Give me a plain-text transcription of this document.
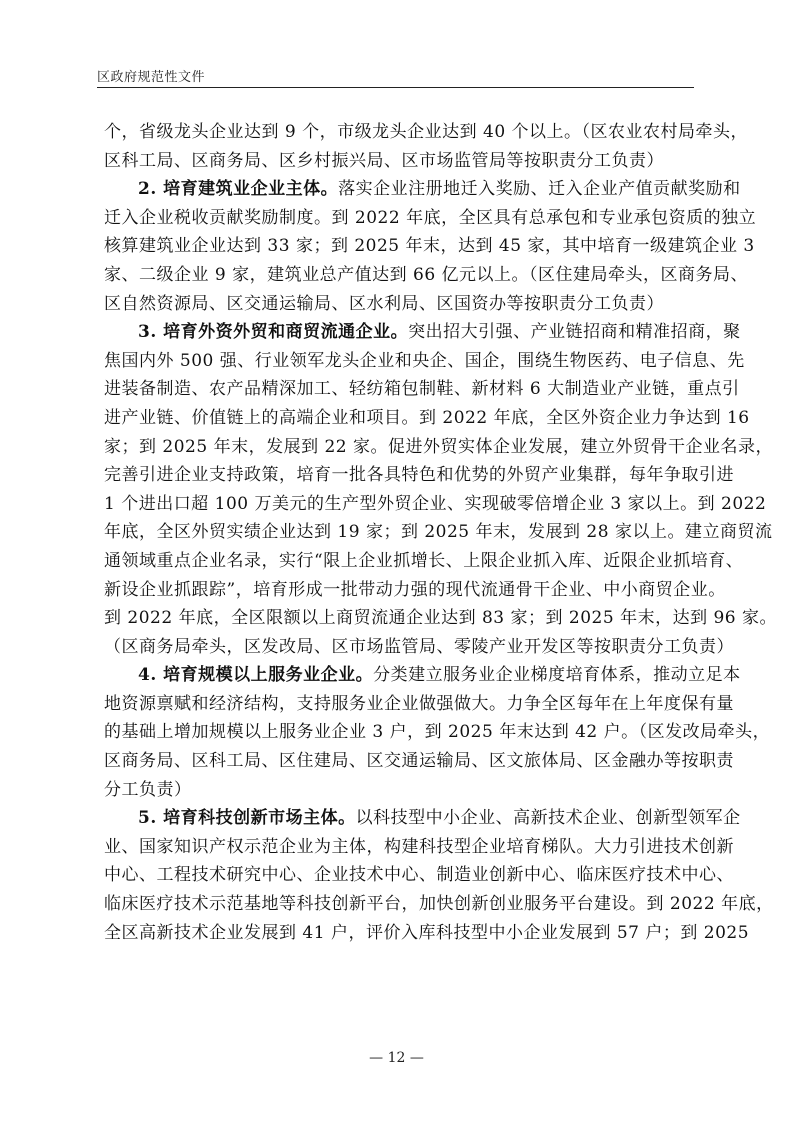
区政府规范性文件
个，省级龙头企业达到 9 个，市级龙头企业达到 40 个以上。（区农业农村局牵头，
区科工局、区商务局、区乡村振兴局、区市场监管局等按职责分工负责）
2. 培育建筑业企业主体。落实企业注册地迁入奖励、迁入企业产值贡献奖励和
迁入企业税收贡献奖励制度。到 2022 年底，全区具有总承包和专业承包资质的独立
核算建筑业企业达到 33 家；到 2025 年末，达到 45 家，其中培育一级建筑企业 3
家、二级企业 9 家，建筑业总产值达到 66 亿元以上。（区住建局牵头，区商务局、
区自然资源局、区交通运输局、区水利局、区国资办等按职责分工负责）
3. 培育外资外贸和商贸流通企业。突出招大引强、产业链招商和精准招商，聚
焦国内外 500 强、行业领军龙头企业和央企、国企，围绕生物医药、电子信息、先
进装备制造、农产品精深加工、轻纺箱包制鞋、新材料 6 大制造业产业链，重点引
进产业链、价值链上的高端企业和项目。到 2022 年底，全区外资企业力争达到 16
家；到 2025 年末，发展到 22 家。促进外贸实体企业发展，建立外贸骨干企业名录，
完善引进企业支持政策，培育一批各具特色和优势的外贸产业集群，每年争取引进
1 个进出口超 100 万美元的生产型外贸企业、实现破零倍增企业 3 家以上。到 2022
年底，全区外贸实绩企业达到 19 家；到 2025 年末，发展到 28 家以上。建立商贸流
通领域重点企业名录，实行“限上企业抓增长、上限企业抓入库、近限企业抓培育、
新设企业抓跟踪”，培育形成一批带动力强的现代流通骨干企业、中小商贸企业。
到 2022 年底，全区限额以上商贸流通企业达到 83 家；到 2025 年末，达到 96 家。
（区商务局牵头，区发改局、区市场监管局、零陵产业开发区等按职责分工负责）
4. 培育规模以上服务业企业。分类建立服务业企业梯度培育体系，推动立足本
地资源禀赋和经济结构，支持服务业企业做强做大。力争全区每年在上年度保有量
的基础上增加规模以上服务业企业 3 户，到 2025 年末达到 42 户。（区发改局牵头，
区商务局、区科工局、区住建局、区交通运输局、区文旅体局、区金融办等按职责
分工负责）
5. 培育科技创新市场主体。以科技型中小企业、高新技术企业、创新型领军企
业、国家知识产权示范企业为主体，构建科技型企业培育梯队。大力引进技术创新
中心、工程技术研究中心、企业技术中心、制造业创新中心、临床医疗技术中心、
临床医疗技术示范基地等科技创新平台，加快创新创业服务平台建设。到 2022 年底，
全区高新技术企业发展到 41 户，评价入库科技型中小企业发展到 57 户；到 2025
— 12 —
